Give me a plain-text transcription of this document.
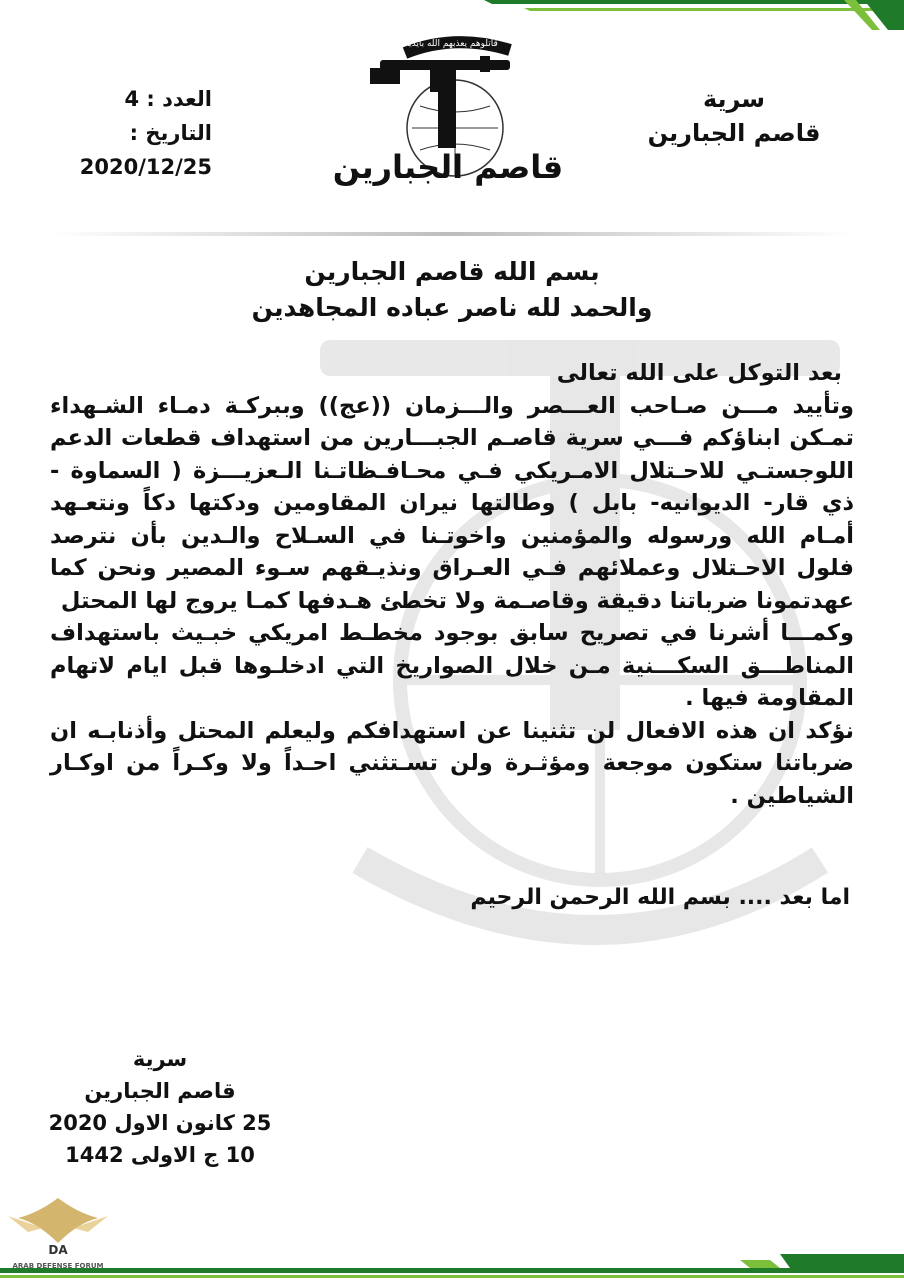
سرية
قاصم الجبارين
العدد : 4
التاريخ : 2020/12/25
قاتلوهم يعذبهم الله بأيديكم
قاصم الجبارين
بسم الله قاصم الجبارين
والحمد لله ناصر عباده المجاهدين

بعد التوكل على الله تعالى

وتأييد مـــن صـاحب العـــصر والـــزمان ((عج)) وببركـة دمـاء الشـهداء تمـكن ابناؤكم فـــي سرية قاصـم الجبـــارين من استهداف قطعات الدعم اللوجستـي للاحـتلال الامـريكي فـي محـافـظاتـنا الـعزيـــزة ( السماوة - ذي قار- الديوانيه- بابل ) وطالتها نيران المقاومين ودكتها دكاً ونتعـهد أمـام الله ورسوله والمؤمنين واخوتـنا في السـلاح والـدين بأن نترصد فلول الاحـتلال وعملائهم فـي العـراق ونذيـقهم سـوء المصير ونحن كما عهدتمونا ضرباتنا دقيقة وقاصـمة ولا تخطئ هـدفها كمـا يروج لها المحتل

وكمـــا أشرنا في تصريح سابق بوجود مخطـط امريكي خبـيث باستهداف المناطـــق السكـــنية مـن خلال الصواريخ التي ادخلـوها قبل ايام لاتهام المقاومة فيها .

نؤكد ان هذه الافعال لن تثنينا عن استهدافكم وليعلم المحتل وأذنابـه ان ضرباتنا ستكون موجعة ومؤثـرة ولن تسـتثني احـداً ولا وكـراً من اوكـار الشياطين .

اما بعد .... بسم الله الرحمن الرحيم
سرية
قاصم الجبارين
25 كانون الاول 2020
10 ج الاولى 1442
DA
ARAB DEFENSE FORUM
